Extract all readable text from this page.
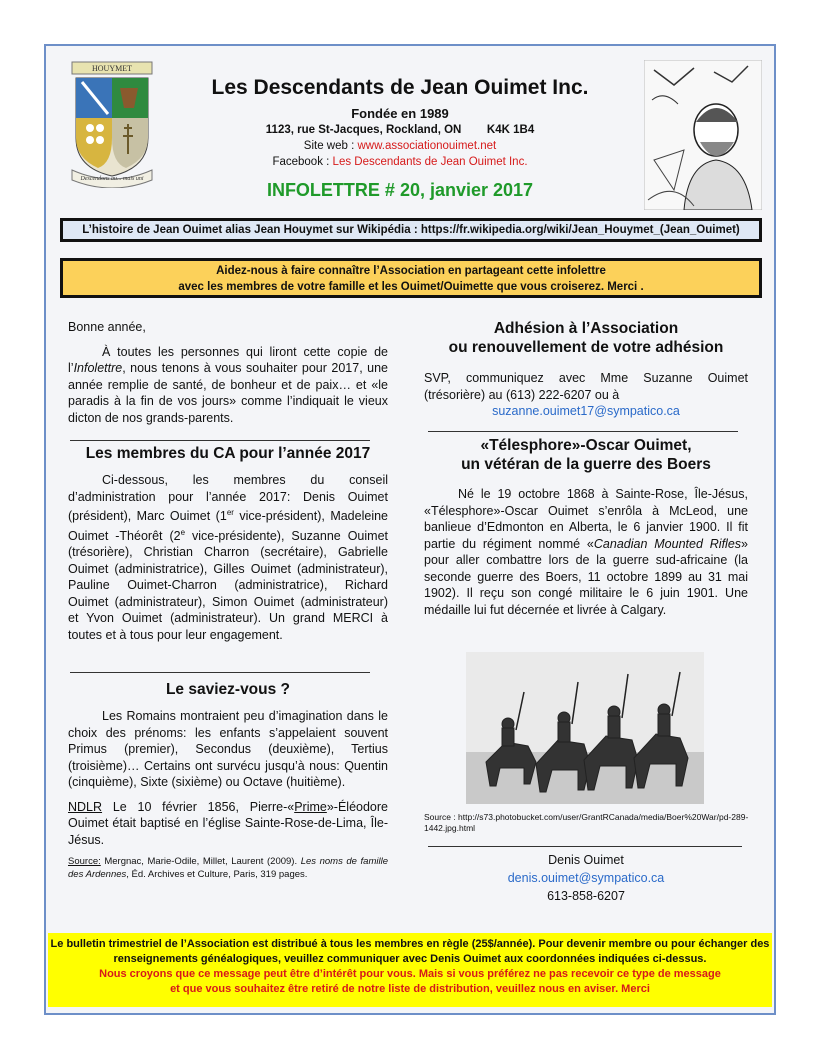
HOUYMET
Descendons au... mais uni
Les Descendants de Jean Ouimet Inc.
Fondée en 1989
1123, rue St-Jacques, Rockland, ON        K4K 1B4
Site web : www.associationouimet.net
Facebook : Les Descendants de Jean Ouimet Inc.
INFOLETTRE # 20, janvier 2017
L’histoire de Jean Ouimet alias Jean Houymet sur Wikipédia : https://fr.wikipedia.org/wiki/Jean_Houymet_(Jean_Ouimet)
Aidez-nous à faire connaître l’Association en partageant cette infolettre
avec les membres de votre famille et les Ouimet/Ouimette que vous croiserez. Merci .

Bonne année,

À toutes les personnes qui liront cette copie de l’Infolettre, nous tenons à vous souhaiter pour 2017, une année remplie de santé, de bonheur et de paix… et «le paradis à la fin de vos jours» comme l’indiquait le vieux dicton de nos grands-parents.

Les membres du CA pour l’année 2017

Ci-dessous, les membres du conseil d’administration pour l’année 2017: Denis Ouimet (président), Marc Ouimet (1er vice-président), Madeleine Ouimet -Théorêt (2e vice-présidente), Suzanne Ouimet (trésorière), Christian Charron (secrétaire), Gabrielle Ouimet (administratrice), Gilles Ouimet (administrateur), Pauline Ouimet-Charron (administratrice), Richard Ouimet (administrateur), Simon Ouimet (administrateur) et Yvon Ouimet (administrateur). Un grand MERCI à toutes et à tous pour leur engagement.

Le saviez-vous ?

Les Romains montraient peu d’imagination dans le choix des prénoms: les enfants s’appelaient souvent Primus (premier), Secondus (deuxième), Tertius (troisième)… Certains ont survécu jusqu’à nous: Quentin (cinquième), Sixte (sixième) ou Octave (huitième).

NDLR Le 10 février 1856, Pierre-«Prime»-Éléodore Ouimet était baptisé en l’église Sainte-Rose-de-Lima, Île-Jésus.

Source: Mergnac, Marie-Odile, Millet, Laurent (2009). Les noms de famille des Ardennes, Éd. Archives et Culture, Paris, 319 pages.

Adhésion à l’Association
ou renouvellement de votre adhésion

SVP, communiquez avec Mme Suzanne Ouimet (trésorière) au (613) 222-6207 ou à

suzanne.ouimet17@sympatico.ca

«Télesphore»-Oscar Ouimet,
un vétéran de la guerre des Boers

Né le 19 octobre 1868 à Sainte-Rose, Île-Jésus, «Télesphore»-Oscar Ouimet s’enrôla à McLeod, une banlieue d’Edmonton en Alberta, le 6 janvier 1900. Il fit partie du régiment nommé «Canadian Mounted Rifles» pour aller combattre lors de la guerre sud-africaine (la seconde guerre des Boers, 11 octobre 1899 au 31 mai 1902). Il reçu son congé militaire le 6 juin 1901. Une médaille lui fut décernée et livrée à Calgary.

Source : http://s73.photobucket.com/user/GrantRCanada/media/Boer%20War/pd-289-1442.jpg.html
Denis Ouimet
denis.ouimet@sympatico.ca
613-858-6207
Le bulletin trimestriel de l’Association est distribué à tous les membres en règle (25$/année). Pour devenir membre ou pour échanger des renseignements généalogiques, veuillez communiquer avec Denis Ouimet aux coordonnées indiquées ci-dessus.
Nous croyons que ce message peut être d’intérêt pour vous. Mais si vous préférez ne pas recevoir ce type de message
et que vous souhaitez être retiré de notre liste de distribution, veuillez nous en aviser. Merci
